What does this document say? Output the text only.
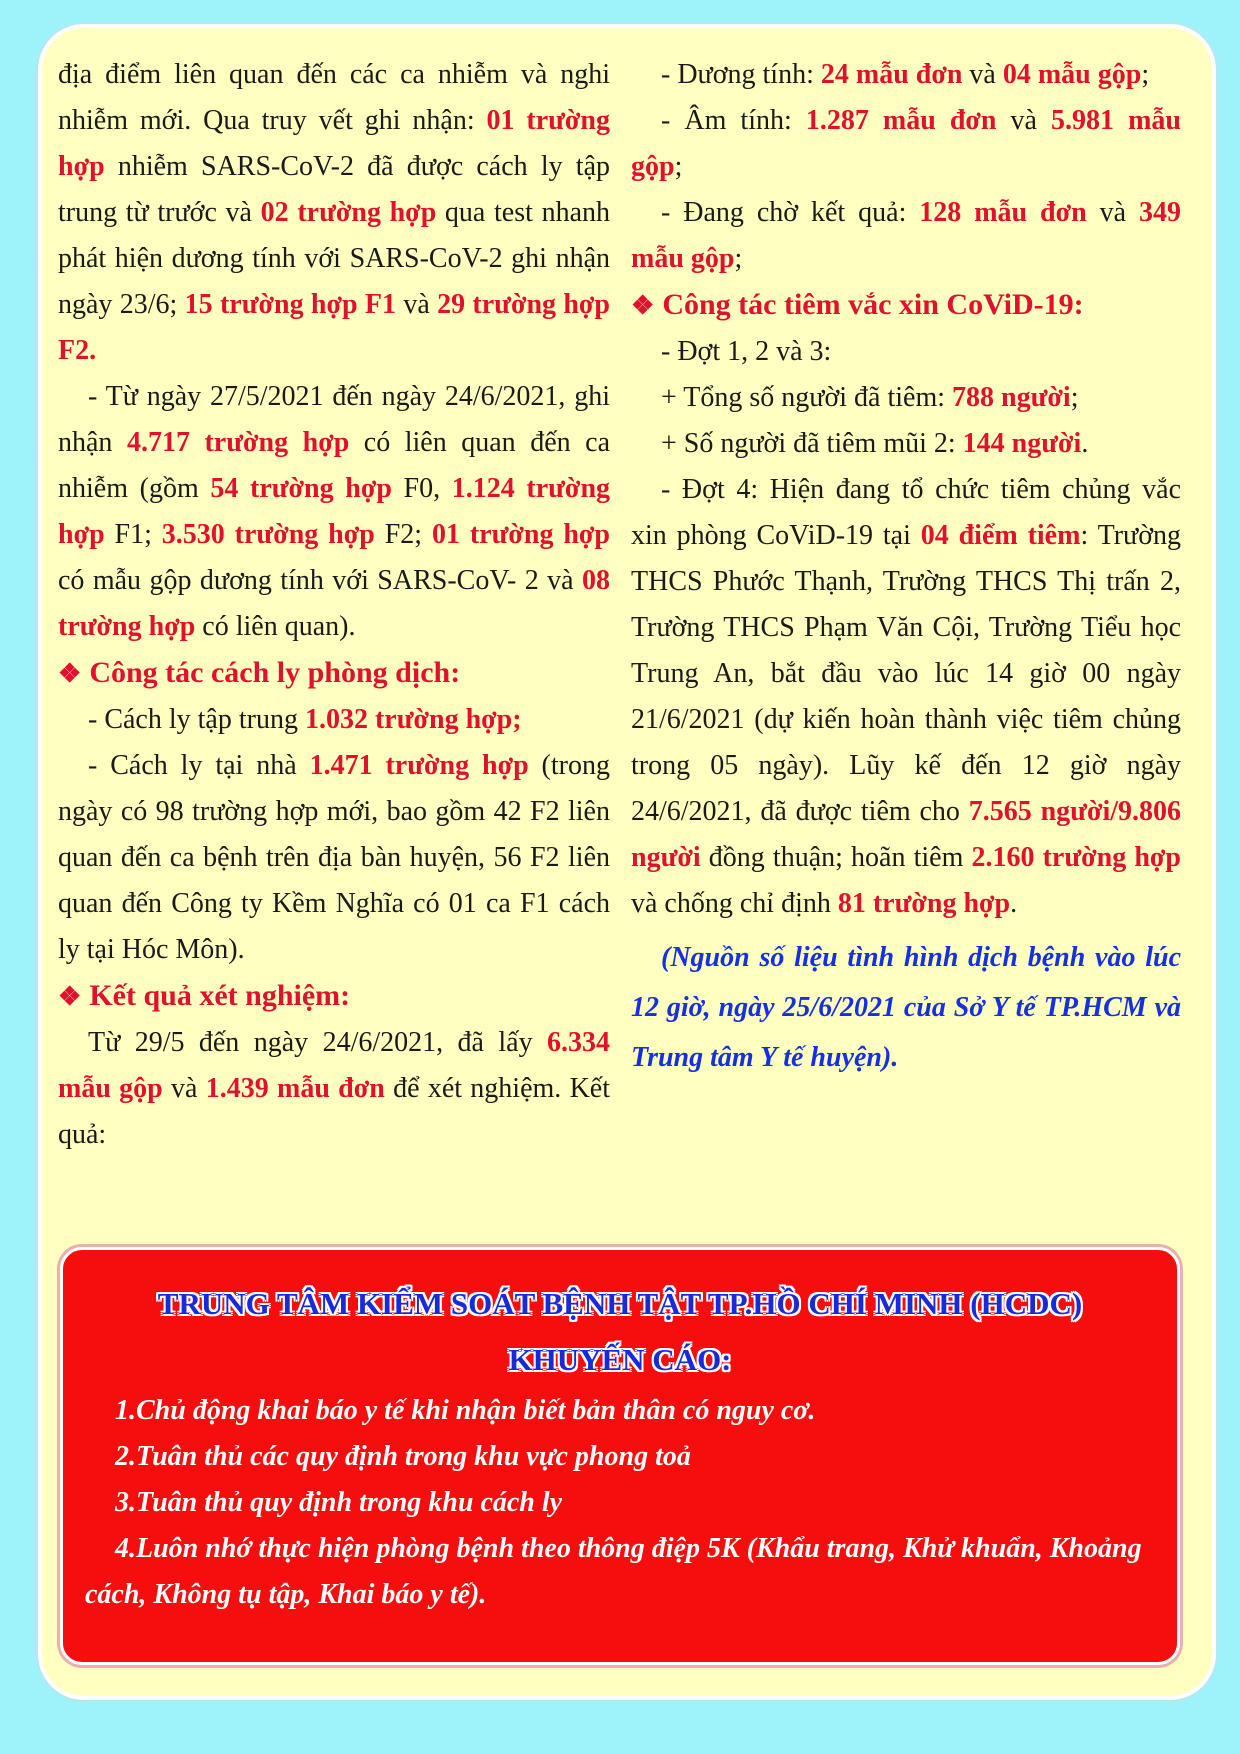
địa điểm liên quan đến các ca nhiễm và nghi nhiễm mới. Qua truy vết ghi nhận: 01 trường hợp nhiễm SARS-CoV-2 đã được cách ly tập trung từ trước và 02 trường hợp qua test nhanh phát hiện dương tính với SARS-CoV-2 ghi nhận ngày 23/6; 15 trường hợp F1 và 29 trường hợp F2.

- Từ ngày 27/5/2021 đến ngày 24/6/2021, ghi nhận 4.717 trường hợp có liên quan đến ca nhiễm (gồm 54 trường hợp F0, 1.124 trường hợp F1; 3.530 trường hợp F2; 01 trường hợp có mẫu gộp dương tính với SARS-CoV- 2 và 08 trường hợp có liên quan).

❖ Công tác cách ly phòng dịch:

- Cách ly tập trung 1.032 trường hợp;

- Cách ly tại nhà 1.471 trường hợp (trong ngày có 98 trường hợp mới, bao gồm 42 F2 liên quan đến ca bệnh trên địa bàn huyện, 56 F2 liên quan đến Công ty Kềm Nghĩa có 01 ca F1 cách ly tại Hóc Môn).

❖ Kết quả xét nghiệm:

Từ 29/5 đến ngày 24/6/2021, đã lấy 6.334 mẫu gộp và 1.439 mẫu đơn để xét nghiệm. Kết quả:

- Dương tính: 24 mẫu đơn và 04 mẫu gộp;

- Âm tính: 1.287 mẫu đơn và 5.981 mẫu gộp;

- Đang chờ kết quả: 128 mẫu đơn và 349 mẫu gộp;

❖ Công tác tiêm vắc xin CoViD-19:

- Đợt 1, 2 và 3:

+ Tổng số người đã tiêm: 788 người;

+ Số người đã tiêm mũi 2: 144 người.

- Đợt 4: Hiện đang tổ chức tiêm chủng vắc xin phòng CoViD-19 tại 04 điểm tiêm: Trường THCS Phước Thạnh, Trường THCS Thị trấn 2, Trường THCS Phạm Văn Cội, Trường Tiểu học Trung An, bắt đầu vào lúc 14 giờ 00 ngày 21/6/2021 (dự kiến hoàn thành việc tiêm chủng trong 05 ngày). Lũy kế đến 12 giờ ngày 24/6/2021, đã được tiêm cho 7.565 người/9.806 người đồng thuận; hoãn tiêm 2.160 trường hợp và chống chỉ định 81 trường hợp.

(Nguồn số liệu tình hình dịch bệnh vào lúc 12 giờ, ngày 25/6/2021 của Sở Y tế TP.HCM và Trung tâm Y tế huyện).

TRUNG TÂM KIỂM SOÁT BỆNH TẬT TP.HỒ CHÍ MINH (HCDC)
KHUYẾN CÁO:

1.Chủ động khai báo y tế khi nhận biết bản thân có nguy cơ.

2.Tuân thủ các quy định trong khu vực phong toả

3.Tuân thủ quy định trong khu cách ly

4.Luôn nhớ thực hiện phòng bệnh theo thông điệp 5K (Khẩu trang, Khử khuẩn, Khoảng cách, Không tụ tập, Khai báo y tế).
